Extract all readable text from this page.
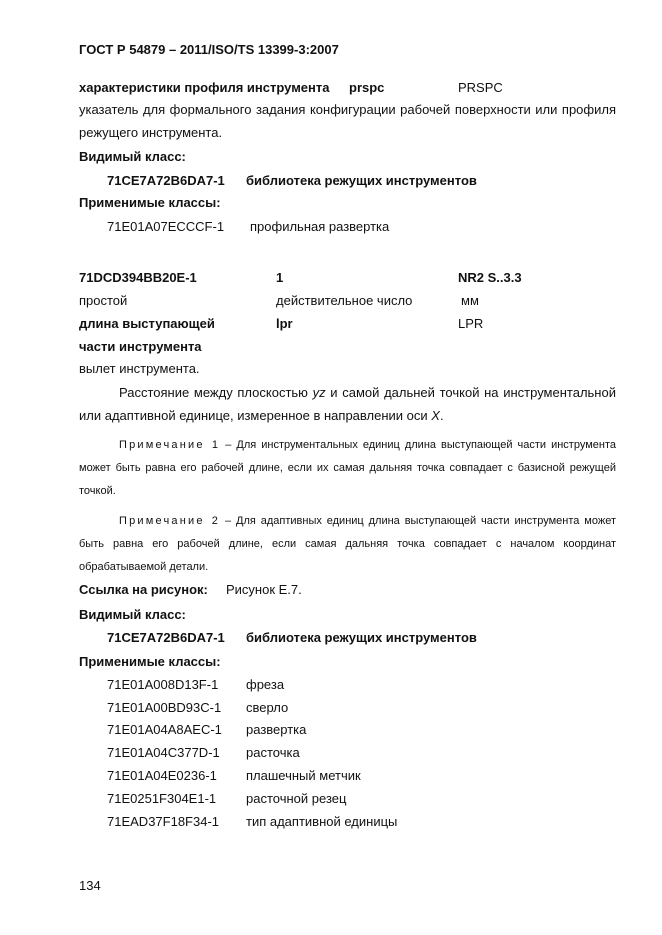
ГОСТ Р 54879 – 2011/ISO/TS 13399-3:2007
характеристики профиля инструмента prspc	PRSPC
указатель для формального задания конфигурации рабочей поверхности или профиля режущего инструмента.
Видимый класс:
71CE7A72B6DA7-1 библиотека режущих инструментов
Применимые классы:
71E01A07ECCCF-1 профильная развертка
71DCD394BB20E-1	1	NR2 S..3.3
простой	действительное число	мм
длина выступающей	lpr	LPR
части инструмента
вылет инструмента.
Расстояние между плоскостью yz и самой дальней точкой на инструментальной или адаптивной единице, измеренное в направлении оси X.
Примечание 1 – Для инструментальных единиц длина выступающей части инструмента может быть равна его рабочей длине, если их самая дальняя точка совпадает с базисной режущей точкой.
Примечание 2 – Для адаптивных единиц длина выступающей части инструмента может быть равна его рабочей длине, если самая дальняя точка совпадает с началом координат обрабатываемой детали.
Ссылка на рисунок: Рисунок E.7.
Видимый класс:
71CE7A72B6DA7-1 библиотека режущих инструментов
Применимые классы:
71E01A008D13F-1 фреза
71E01A00BD93C-1 сверло
71E01A04A8AEC-1 развертка
71E01A04C377D-1 расточка
71E01A04E0236-1 плашечный метчик
71E0251F304E1-1 расточной резец
71EAD37F18F34-1 тип адаптивной единицы
134
